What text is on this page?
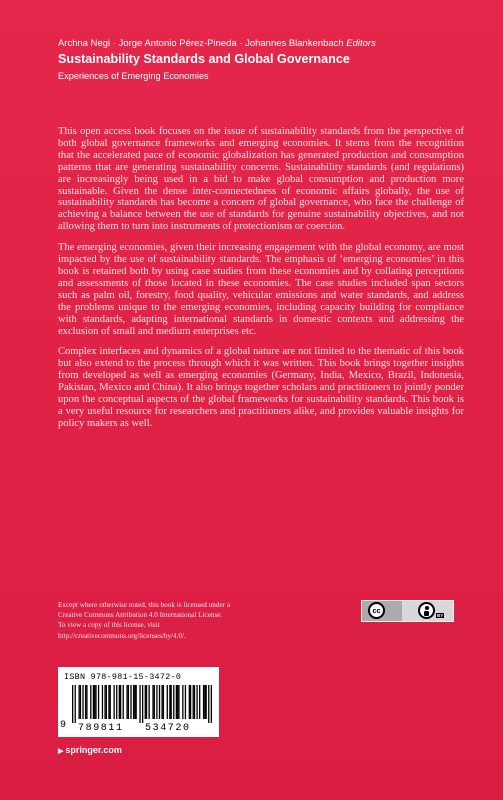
Archna Negi · Jorge Antonio Pérez-Pineda · Johannes Blankenbach Editors
Sustainability Standards and Global Governance
Experiences of Emerging Economies

This open access book focuses on the issue of sustainability standards from the perspective of both global governance frameworks and emerging economies. It stems from the recognition that the accelerated pace of economic globalization has generated production and consumption patterns that are generating sustainability concerns. Sustainability standards (and regulations) are increasingly being used in a bid to make global consumption and production more sustainable. Given the dense inter-connectedness of economic affairs globally, the use of sustainability standards has become a concern of global governance, who face the challenge of achieving a balance between the use of standards for genuine sustainability objectives, and not allowing them to turn into instruments of protectionism or coercion.

The emerging economies, given their increasing engagement with the global economy, are most impacted by the use of sustainability standards. The emphasis of ‘emerging economies’ in this book is retained both by using case studies from these economies and by collating perceptions and assessments of those located in these economies. The case studies included span sectors such as palm oil, forestry, food quality, vehicular emissions and water standards, and address the problems unique to the emerging economies, including capacity building for compliance with standards, adapting international standards in domestic contexts and addressing the exclusion of small and medium enterprises etc.

Complex interfaces and dynamics of a global nature are not limited to the thematic of this book but also extend to the process through which it was written. This book brings together insights from developed as well as emerging economies (Germany, India, Mexico, Brazil, Indonesia, Pakistan, Mexico and China). It also brings together scholars and practitioners to jointly ponder upon the conceptual aspects of the global frameworks for sustainability standards. This book is a very useful resource for researchers and practitioners alike, and provides valuable insights for policy makers as well.

Except where otherwise noted, this book is licensed under a
Creative Commons Attribution 4.0 International License.
To view a copy of this license, visit
http://creativecommons.org/licenses/by/4.0/.
cc
BY
ISBN 978-981-15-3472-0
9 789811 534720
▶ springer.com
